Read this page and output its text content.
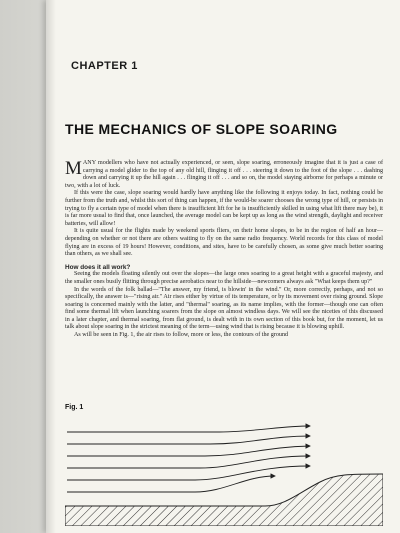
CHAPTER 1
THE MECHANICS OF SLOPE SOARING

MANY modellers who have not actually experienced, or seen, slope soaring, erroneously imagine that it is just a case of carrying a model glider to the top of any old hill, flinging it off . . . steering it down to the foot of the slope . . . dashing down and carrying it up the hill again . . . flinging it off . . . and so on, the model staying airborne for perhaps a minute or two, with a lot of luck.

If this were the case, slope soaring would hardly have anything like the following it enjoys today. In fact, nothing could be further from the truth and, whilst this sort of thing can happen, if the would-be soarer chooses the wrong type of hill, or persists in trying to fly a certain type of model when there is insufficient lift for he is insufficiently skilled in using what lift there may be), it is far more usual to find that, once launched, the average model can be kept up as long as the wind strength, daylight and receiver batteries, will allow!

It is quite usual for the flights made by weekend sports fliers, on their home slopes, to be in the region of half an hour—depending on whether or not there are others waiting to fly on the same radio frequency. World records for this class of model flying are in excess of 19 hours! However, conditions, and sites, have to be carefully chosen, as some give much better soaring than others, as we shall see.

How does it all work?

Seeing the models floating silently out over the slopes—the large ones soaring to a great height with a graceful majesty, and the smaller ones busily flitting through precise aerobatics near to the hillside—newcomers always ask "What keeps them up?"

In the words of the folk ballad—"The answer, my friend, is blowin' in the wind." Or, more correctly, perhaps, and not so specifically, the answer is—"rising air." Air rises either by virtue of its temperature, or by its movement over rising ground. Slope soaring is concerned mainly with the latter, and "thermal" soaring, as its name implies, with the former—though one can often find some thermal lift when launching soarers from the slope on almost windless days. We will see the niceties of this discussed in a later chapter, and thermal soaring, from flat ground, is dealt with in its own section of this book but, for the moment, let us talk about slope soaring in the strictest meaning of the term—using wind that is rising because it is blowing uphill.

As will be seen in Fig. 1, the air rises to follow, more or less, the contours of the ground

Fig. 1
